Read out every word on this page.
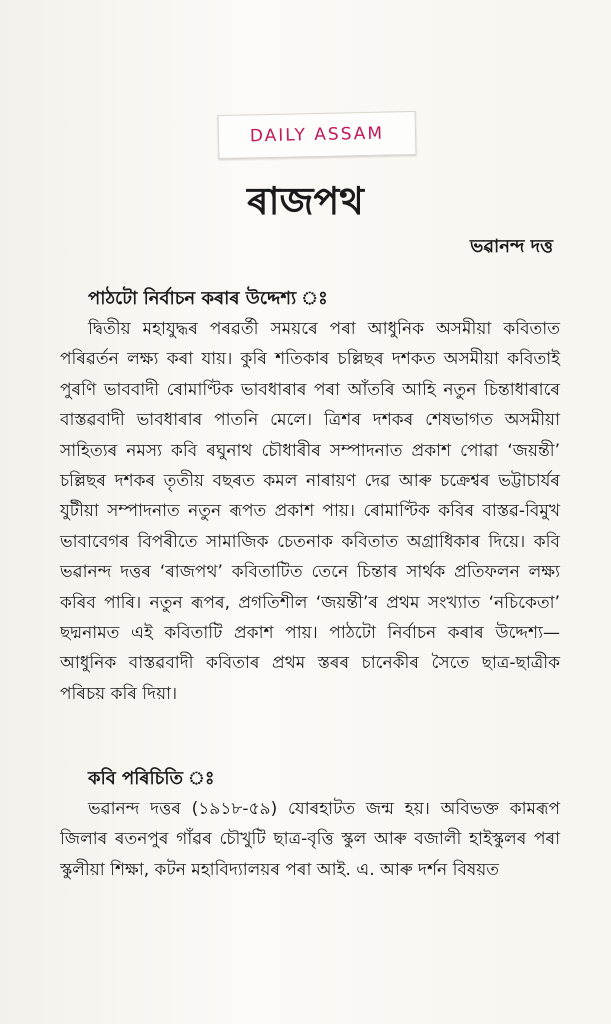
DAILY ASSAM
ৰাজপথ

ভৱানন্দ দত্ত

পাঠটো নিৰ্বাচন কৰাৰ উদ্দেশ্য ঃ

দ্বিতীয় মহাযুদ্ধৰ পৰৱৰ্তী সময়ৰে পৰা আধুনিক অসমীয়া কবিতাত পৰিৱৰ্তন লক্ষ্য কৰা যায়। কুৰি শতিকাৰ চল্লিছৰ দশকত অসমীয়া কবিতাই পুৰণি ভাববাদী ৰোমাণ্টিক ভাবধাৰাৰ পৰা আঁতৰি আহি নতুন চিন্তাধাৰাৰে বাস্তৱবাদী ভাবধাৰাৰ পাতনি মেলে। ত্ৰিশৰ দশকৰ শেষভাগত অসমীয়া সাহিত্যৰ নমস্য কবি ৰঘুনাথ চৌধাৰীৰ সম্পাদনাত প্ৰকাশ পোৱা ‘জয়ন্তী’ চল্লিছৰ দশকৰ তৃতীয় বছৰত কমল নাৰায়ণ দেৱ আৰু চক্ৰেশ্বৰ ভট্টাচাৰ্যৰ যুটীয়া সম্পাদনাত নতুন ৰূপত প্ৰকাশ পায়। ৰোমাণ্টিক কবিৰ বাস্তৱ-বিমুখ ভাবাবেগৰ বিপৰীতে সামাজিক চেতনাক কবিতাত অগ্ৰাধিকাৰ দিয়ে। কবি ভৱানন্দ দত্তৰ ‘ৰাজপথ’ কবিতাটিত তেনে চিন্তাৰ সাৰ্থক প্ৰতিফলন লক্ষ্য কৰিব পাৰি। নতুন ৰূপৰ, প্ৰগতিশীল ‘জয়ন্তী’ৰ প্ৰথম সংখ্যাত ‘নচিকেতা’ ছদ্মনামত এই কবিতাটি প্ৰকাশ পায়। পাঠটো নিৰ্বাচন কৰাৰ উদ্দেশ্য— আধুনিক বাস্তৱবাদী কবিতাৰ প্ৰথম স্তৰৰ চানেকীৰ সৈতে ছাত্ৰ-ছাত্ৰীক পৰিচয় কৰি দিয়া।

কবি পৰিচিতি ঃ

ভৱানন্দ দত্তৰ (১৯১৮-৫৯) যোৰহাটত জন্ম হয়। অবিভক্ত কামৰূপ জিলাৰ ৰতনপুৰ গাঁৱৰ চৌখুটি ছাত্ৰ-বৃত্তি স্কুল আৰু বজালী হাইস্কুলৰ পৰা স্কুলীয়া শিক্ষা, কটন মহাবিদ্যালয়ৰ পৰা আই. এ. আৰু দৰ্শন বিষয়ত
